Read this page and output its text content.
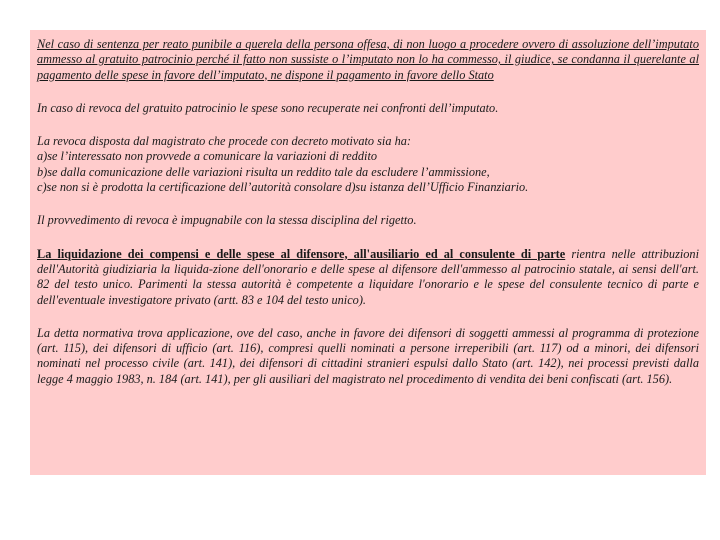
Nel caso di sentenza per reato punibile a querela della persona offesa, di non luogo a procedere ovvero di assoluzione dell’imputato ammesso al gratuito patrocinio perché il fatto non sussiste o l’imputato non lo ha commesso, il giudice, se condanna il querelante al pagamento delle spese in favore dell’imputato, ne dispone il pagamento in favore dello Stato

In caso di revoca del gratuito patrocinio le spese sono recuperate nei confronti dell’imputato.

La revoca disposta dal magistrato che procede con decreto motivato sia ha:
a)se l’interessato non provvede a comunicare la variazioni di reddito
b)se dalla comunicazione delle variazioni risulta un reddito tale da escludere l’ammissione,
c)se non si è prodotta la certificazione dell’autorità consolare d)su istanza dell’Ufficio Finanziario.

Il provvedimento di revoca è impugnabile con la stessa disciplina del rigetto.

La liquidazione dei compensi e delle spese al difensore, all'ausiliario ed al consulente di parte rientra nelle attribuzioni dell'Autorità giudiziaria la liquida-zione dell'onorario e delle spese al difensore dell'ammesso al patrocinio statale, ai sensi dell'art. 82 del testo unico. Parimenti la stessa autorità è competente a liquidare l'onorario e le spese del consulente tecnico di parte e dell'eventuale investigatore privato (artt. 83 e 104 del testo unico).

La detta normativa trova applicazione, ove del caso, anche in favore dei difensori di soggetti ammessi al programma di protezione (art. 115), dei difensori di ufficio (art. 116), compresi quelli nominati a persone irreperibili (art. 117) od a minori, dei difensori nominati nel processo civile (art. 141), dei difensori di cittadini stranieri espulsi dallo Stato (art. 142), nei processi previsti dalla legge 4 maggio 1983, n. 184 (art. 141), per gli ausiliari del magistrato nel procedimento di vendita dei beni confiscati (art. 156).
